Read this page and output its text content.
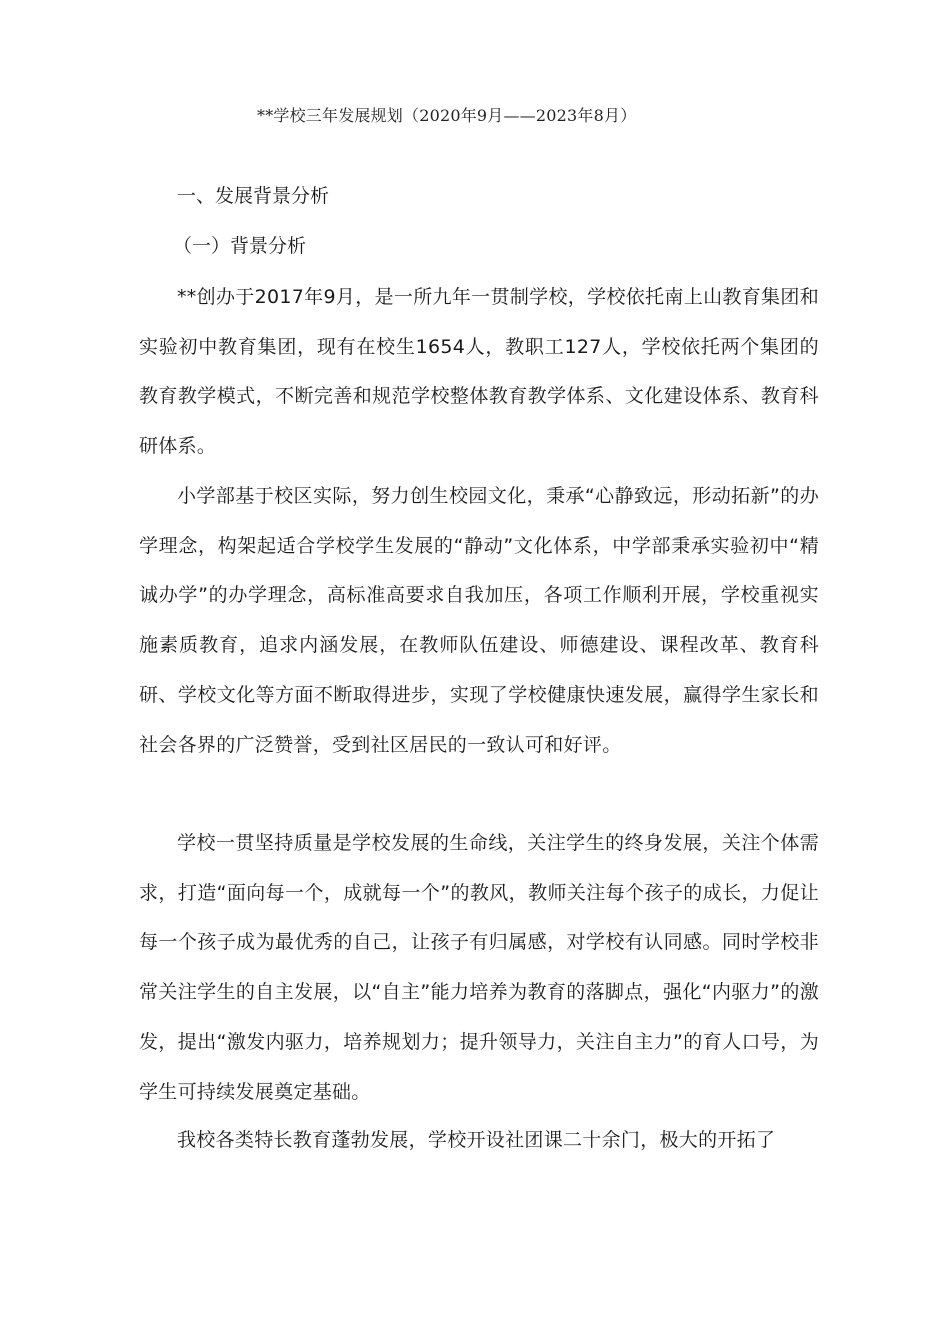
**学校三年发展规划（2020年9月——2023年8月）
一、发展背景分析
（一）背景分析

**创办于2017年9月，是一所九年一贯制学校，学校依托南上山教育集团和实验初中教育集团，现有在校生1654人，教职工127人，学校依托两个集团的教育教学模式，不断完善和规范学校整体教育教学体系、文化建设体系、教育科研体系。

小学部基于校区实际，努力创生校园文化，秉承“心静致远，形动拓新”的办学理念，构架起适合学校学生发展的“静动”文化体系，中学部秉承实验初中“精诚办学”的办学理念，高标准高要求自我加压，各项工作顺利开展，学校重视实施素质教育，追求内涵发展，在教师队伍建设、师德建设、课程改革、教育科研、学校文化等方面不断取得进步，实现了学校健康快速发展，赢得学生家长和社会各界的广泛赞誉，受到社区居民的一致认可和好评。

学校一贯坚持质量是学校发展的生命线，关注学生的终身发展，关注个体需求，打造“面向每一个，成就每一个”的教风，教师关注每个孩子的成长，力促让每一个孩子成为最优秀的自己，让孩子有归属感，对学校有认同感。同时学校非常关注学生的自主发展，以“自主”能力培养为教育的落脚点，强化“内驱力”的激发，提出“激发内驱力，培养规划力；提升领导力，关注自主力”的育人口号，为学生可持续发展奠定基础。

我校各类特长教育蓬勃发展，学校开设社团课二十余门，极大的开拓了
